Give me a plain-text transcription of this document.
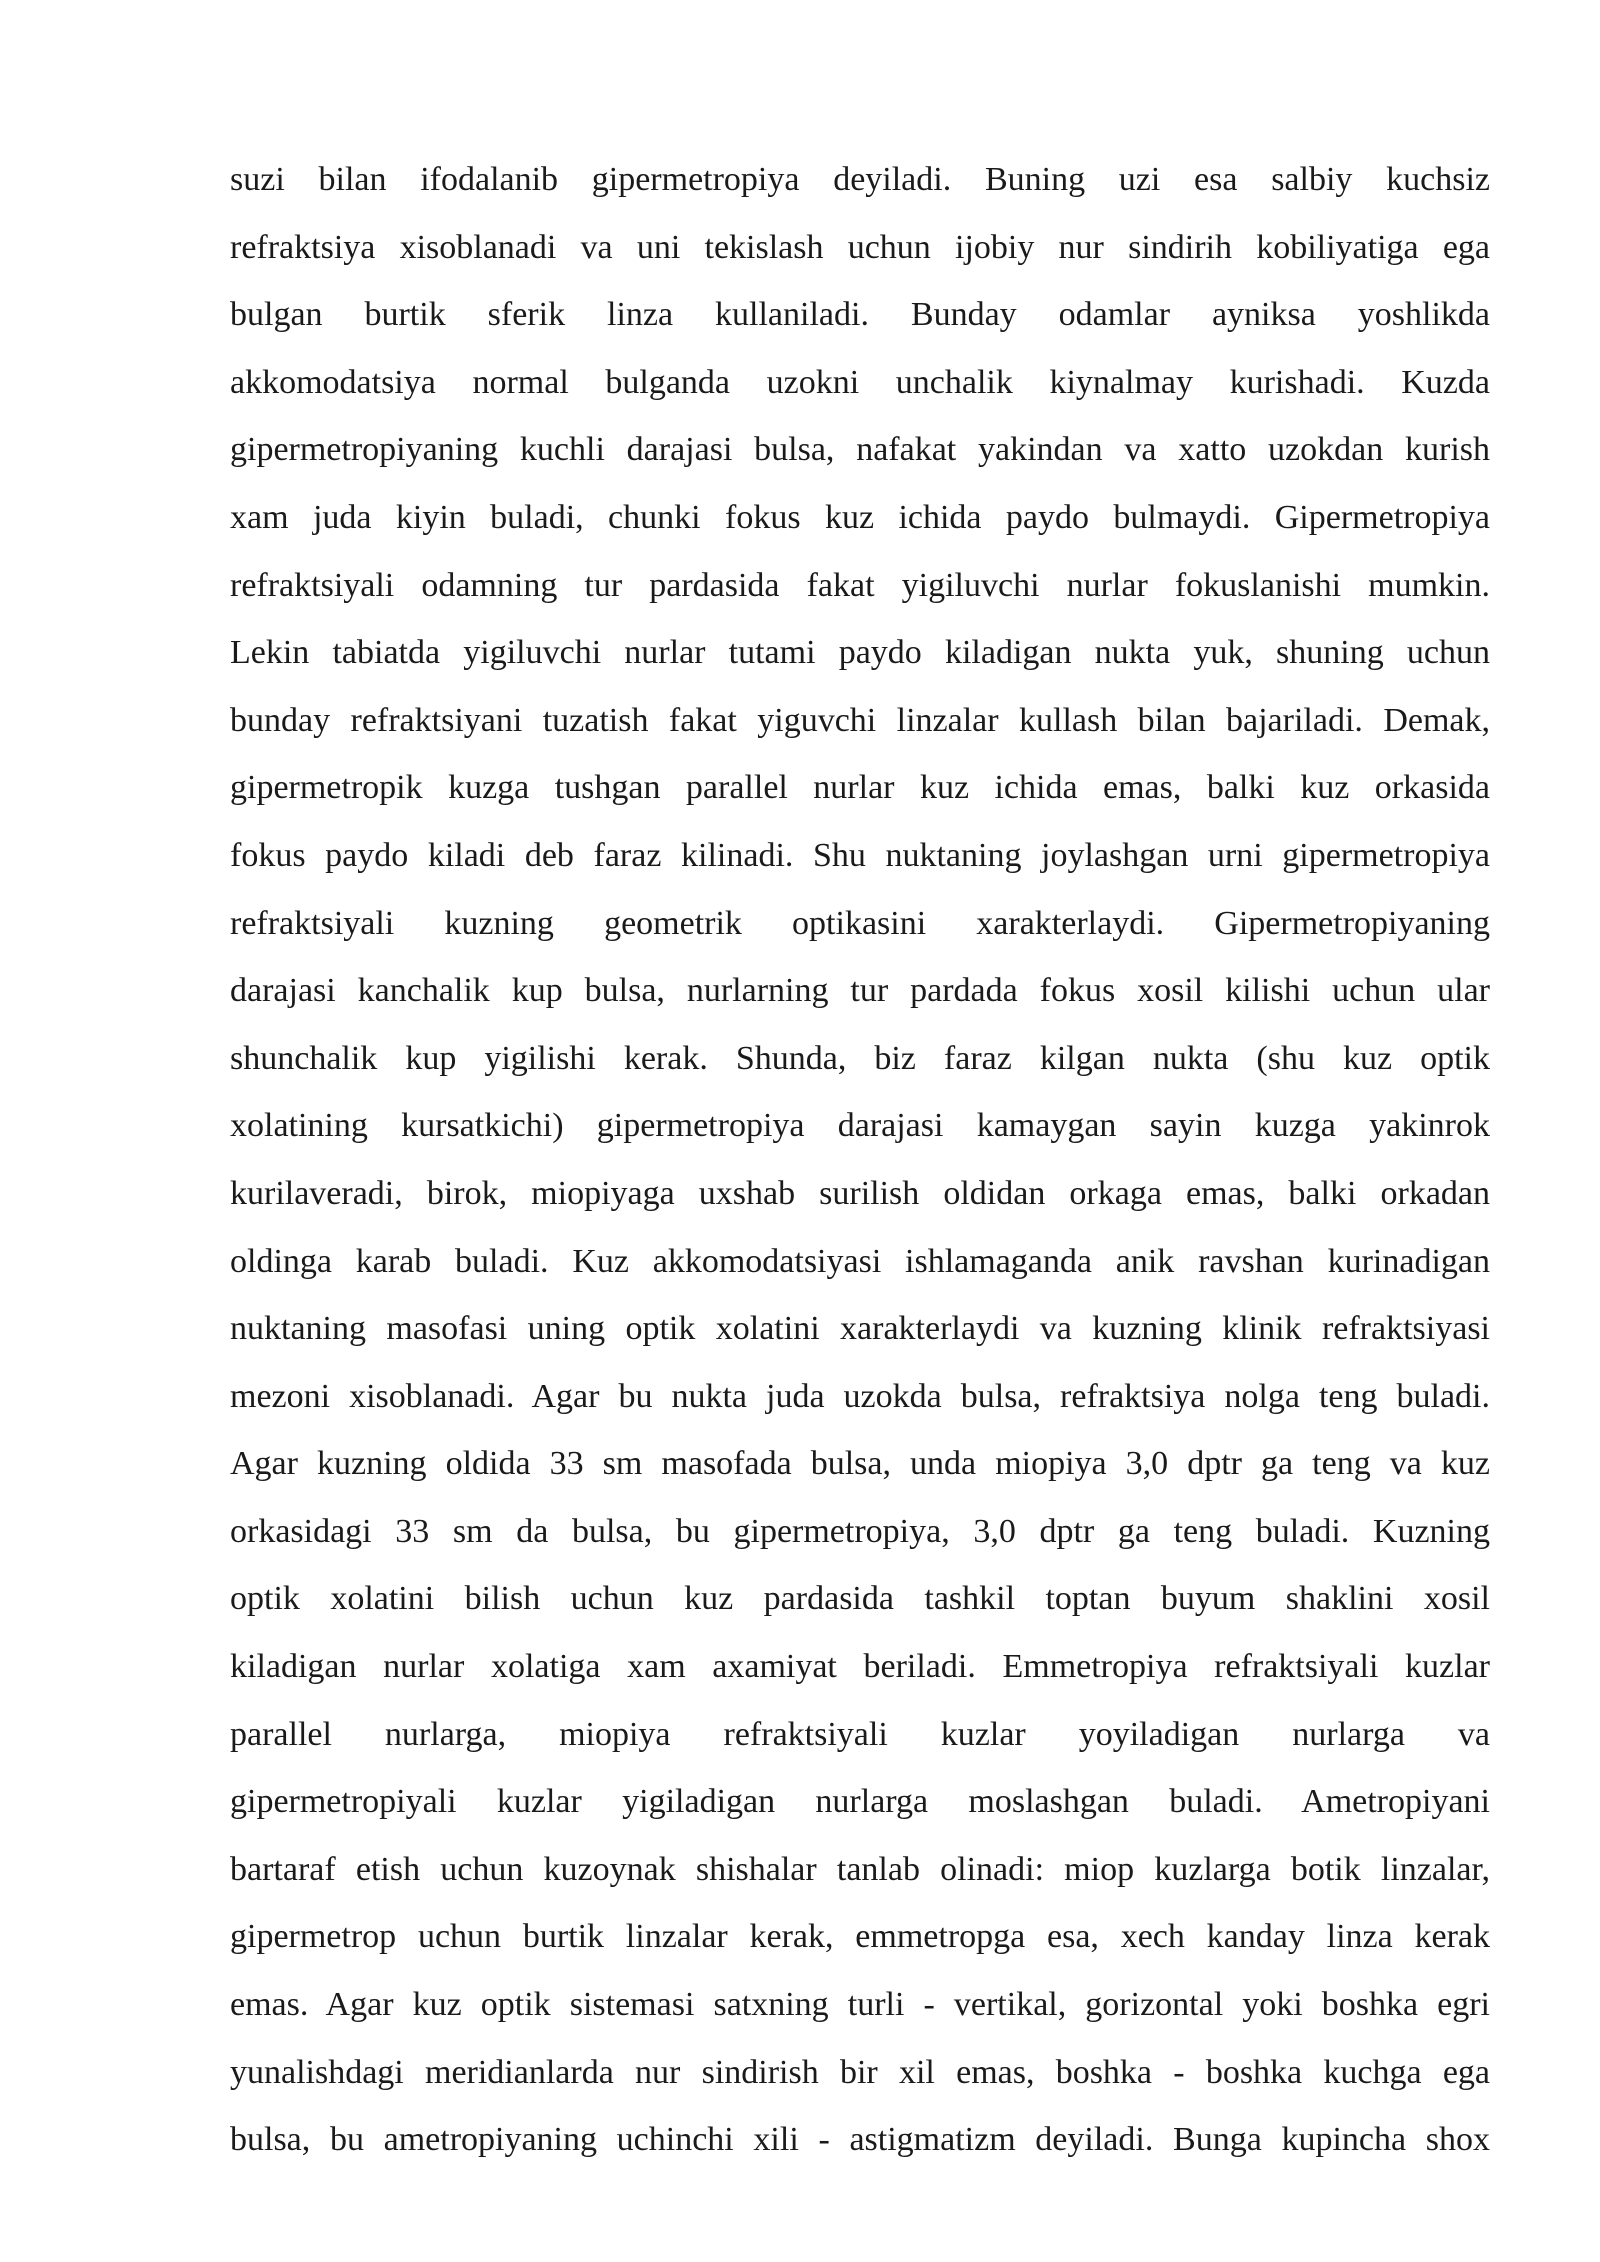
suzi bilan ifodalanib gipermetropiya deyiladi. Buning uzi esa salbiy kuchsiz
refraktsiya xisoblanadi va uni tekislash uchun ijobiy nur sindirih kobiliyatiga ega
bulgan burtik sferik linza kullaniladi. Bunday odamlar ayniksa yoshlikda
akkomodatsiya normal bulganda uzokni unchalik kiynalmay kurishadi. Kuzda
gipermetropiyaning kuchli darajasi bulsa, nafakat yakindan va xatto uzokdan kurish
xam juda kiyin buladi, chunki fokus kuz ichida paydo bulmaydi. Gipermetropiya
refraktsiyali odamning tur pardasida fakat yigiluvchi nurlar fokuslanishi mumkin.
Lekin tabiatda yigiluvchi nurlar tutami paydo kiladigan nukta yuk, shuning uchun
bunday refraktsiyani tuzatish fakat yiguvchi linzalar kullash bilan bajariladi. Demak,
gipermetropik kuzga tushgan parallel nurlar kuz ichida emas, balki kuz orkasida
fokus paydo kiladi deb faraz kilinadi. Shu nuktaning joylashgan urni gipermetropiya
refraktsiyali kuzning geometrik optikasini xarakterlaydi. Gipermetropiyaning
darajasi kanchalik kup bulsa, nurlarning tur pardada fokus xosil kilishi uchun ular
shunchalik kup yigilishi kerak. Shunda, biz faraz kilgan nukta (shu kuz optik
xolatining kursatkichi) gipermetropiya darajasi kamaygan sayin kuzga yakinrok
kurilaveradi, birok, miopiyaga uxshab surilish oldidan orkaga emas, balki orkadan
oldinga karab buladi. Kuz akkomodatsiyasi ishlamaganda anik ravshan kurinadigan
nuktaning masofasi uning optik xolatini xarakterlaydi va kuzning klinik refraktsiyasi
mezoni xisoblanadi. Agar bu nukta juda uzokda bulsa, refraktsiya nolga teng buladi.
Agar kuzning oldida 33 sm masofada bulsa, unda miopiya 3,0 dptr ga teng va kuz
orkasidagi 33 sm da bulsa, bu gipermetropiya, 3,0 dptr ga teng buladi. Kuzning
optik xolatini bilish uchun kuz pardasida tashkil toptan buyum shaklini xosil
kiladigan nurlar xolatiga xam axamiyat beriladi. Emmetropiya refraktsiyali kuzlar
parallel nurlarga, miopiya refraktsiyali kuzlar yoyiladigan nurlarga va
gipermetropiyali kuzlar yigiladigan nurlarga moslashgan buladi. Ametropiyani
bartaraf etish uchun kuzoynak shishalar tanlab olinadi: miop kuzlarga botik linzalar,
gipermetrop uchun burtik linzalar kerak, emmetropga esa, xech kanday linza kerak
emas. Agar kuz optik sistemasi satxning turli - vertikal, gorizontal yoki boshka egri
yunalishdagi meridianlarda nur sindirish bir xil emas, boshka - boshka kuchga ega
bulsa, bu ametropiyaning uchinchi xili - astigmatizm deyiladi. Bunga kupincha shox
